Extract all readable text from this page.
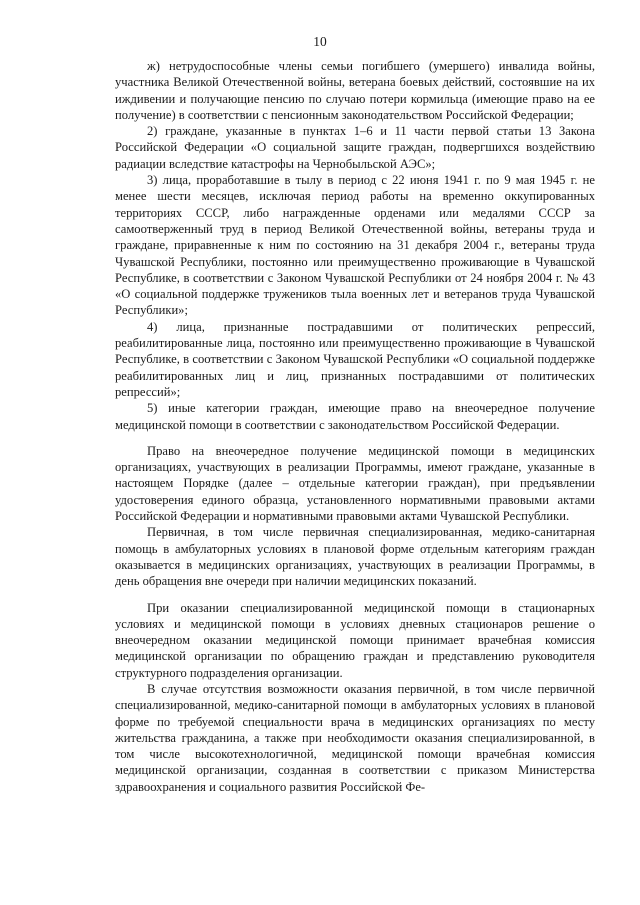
10

ж) нетрудоспособные члены семьи погибшего (умершего) инвалида войны, участника Великой Отечественной войны, ветерана боевых действий, состоявшие на их иждивении и получающие пенсию по случаю потери кормильца (имеющие право на ее получение) в соответствии с пенсионным законодательством Российской Федерации;

2) граждане, указанные в пунктах 1–6 и 11 части первой статьи 13 Закона Российской Федерации «О социальной защите граждан, подвергшихся воздействию радиации вследствие катастрофы на Чернобыльской АЭС»;

3) лица, проработавшие в тылу в период с 22 июня 1941 г. по 9 мая 1945 г. не менее шести месяцев, исключая период работы на временно оккупированных территориях СССР, либо награжденные орденами или медалями СССР за самоотверженный труд в период Великой Отечественной войны, ветераны труда и граждане, приравненные к ним по состоянию на 31 декабря 2004 г., ветераны труда Чувашской Республики, постоянно или преимущественно проживающие в Чувашской Республике, в соответствии с Законом Чувашской Республики от 24 ноября 2004 г. № 43 «О социальной поддержке тружеников тыла военных лет и ветеранов труда Чувашской Республики»;

4) лица, признанные пострадавшими от политических репрессий, реабилитированные лица, постоянно или преимущественно проживающие в Чувашской Республике, в соответствии с Законом Чувашской Республики «О социальной поддержке реабилитированных лиц и лиц, признанных пострадавшими от политических репрессий»;

5) иные категории граждан, имеющие право на внеочередное получение медицинской помощи в соответствии с законодательством Российской Федерации.

Право на внеочередное получение медицинской помощи в медицинских организациях, участвующих в реализации Программы, имеют граждане, указанные в настоящем Порядке (далее – отдельные категории граждан), при предъявлении удостоверения единого образца, установленного нормативными правовыми актами Российской Федерации и нормативными правовыми актами Чувашской Республики.

Первичная, в том числе первичная специализированная, медико-санитарная помощь в амбулаторных условиях в плановой форме отдельным категориям граждан оказывается в медицинских организациях, участвующих в реализации Программы, в день обращения вне очереди при наличии медицинских показаний.

При оказании специализированной медицинской помощи в стационарных условиях и медицинской помощи в условиях дневных стационаров решение о внеочередном оказании медицинской помощи принимает врачебная комиссия медицинской организации по обращению граждан и представлению руководителя структурного подразделения организации.

В случае отсутствия возможности оказания первичной, в том числе первичной специализированной, медико-санитарной помощи в амбулаторных условиях в плановой форме по требуемой специальности врача в медицинских организациях по месту жительства гражданина, а также при необходимости оказания специализированной, в том числе высокотехнологичной, медицинской помощи врачебная комиссия медицинской организации, созданная в соответствии с приказом Министерства здравоохранения и социального развития Российской Фе-
